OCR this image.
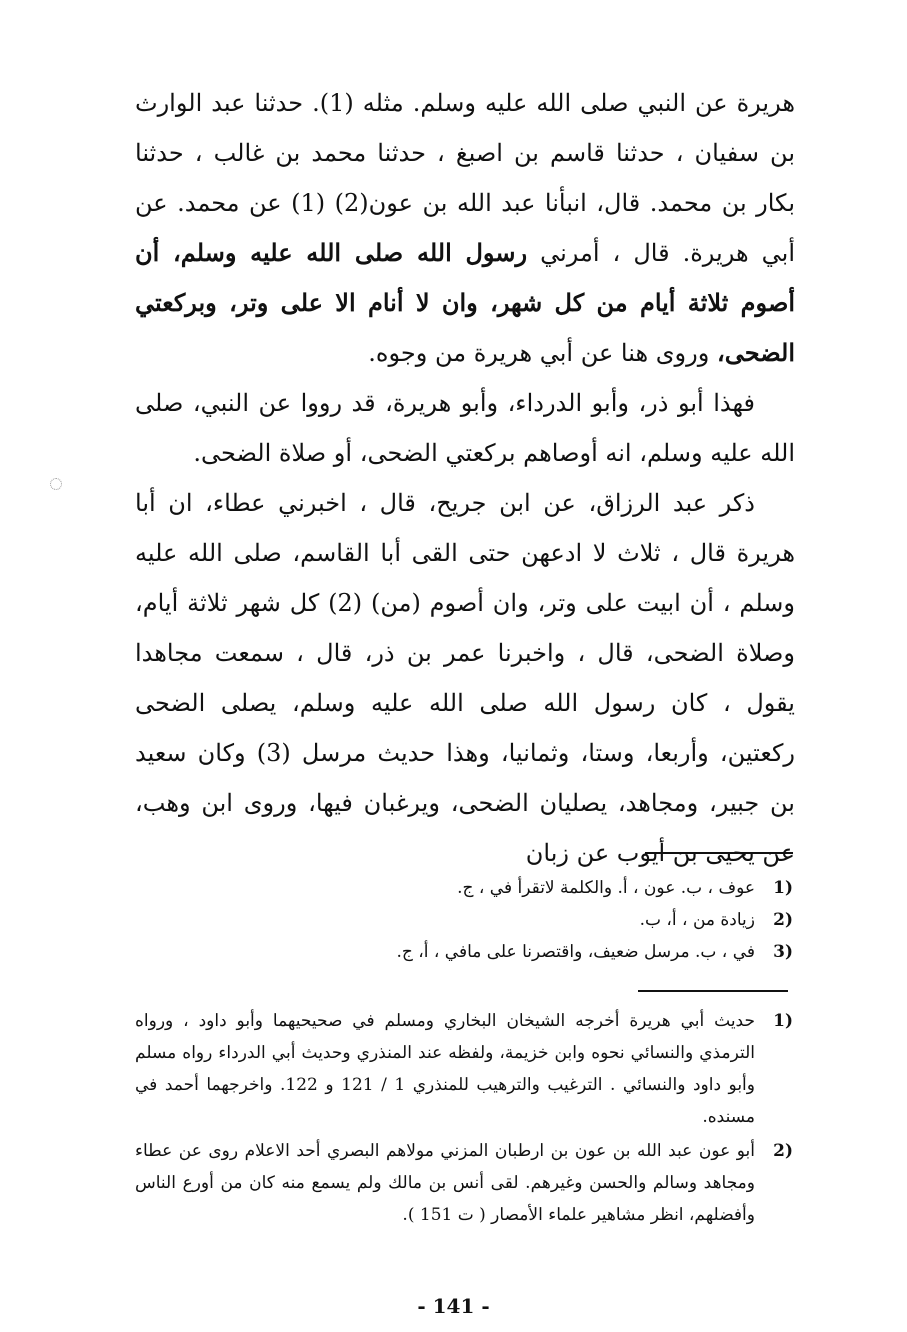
هريرة عن النبي صلى الله عليه وسلم. مثله (1). حدثنا عبد الوارث بن سفيان ، حدثنا قاسم بن اصبغ ، حدثنا محمد بن غالب ، حدثنا بكار بن محمد. قال، انبأنا عبد الله بن عون(2) (1) عن محمد. عن أبي هريرة. قال ، أمرني رسول الله صلى الله عليه وسلم، أن أصوم ثلاثة أيام من كل شهر، وان لا أنام الا على وتر، وبركعتي الضحى، وروى هنا عن أبي هريرة من وجوه.

فهذا أبو ذر، وأبو الدرداء، وأبو هريرة، قد رووا عن النبي، صلى الله عليه وسلم، انه أوصاهم بركعتي الضحى، أو صلاة الضحى.

ذكر عبد الرزاق، عن ابن جريح، قال ، اخبرني عطاء، ان أبا هريرة قال ، ثلاث لا ادعهن حتى القى أبا القاسم، صلى الله عليه وسلم ، أن ابيت على وتر، وان أصوم (من) (2) كل شهر ثلاثة أيام، وصلاة الضحى، قال ، واخبرنا عمر بن ذر، قال ، سمعت مجاهدا يقول ، كان رسول الله صلى الله عليه وسلم، يصلى الضحى ركعتين، وأربعا، وستا، وثمانيا، وهذا حديث مرسل (3) وكان سعيد بن جبير، ومجاهد، يصليان الضحى، ويرغبان فيها، وروى ابن وهب، عن يحيى بن أيوب عن زبان

(1
عوف ، ب. عون ، أ. والكلمة لاتقرأ في ، ج.
(2
زيادة من ، أ، ب.
(3
في ، ب. مرسل ضعيف، واقتصرنا على مافي ، أ، ج.
(1
حديث أبي هريرة أخرجه الشيخان البخاري ومسلم في صحيحيهما وأبو داود ، ورواه الترمذي والنسائي نحوه وابن خزيمة، ولفظه عند المنذري وحديث أبي الدرداء رواه مسلم وأبو داود والنسائي . الترغيب والترهيب للمنذري 1 / 121 و 122. واخرجهما أحمد في مسنده.
(2
أبو عون عبد الله بن عون بن ارطبان المزني مولاهم البصري أحد الاعلام روى عن عطاء ومجاهد وسالم والحسن وغيرهم. لقى أنس بن مالك ولم يسمع منه كان من أورع الناس وأفضلهم، انظر مشاهير علماء الأمصار ( ت 151 ).
- 141 -
